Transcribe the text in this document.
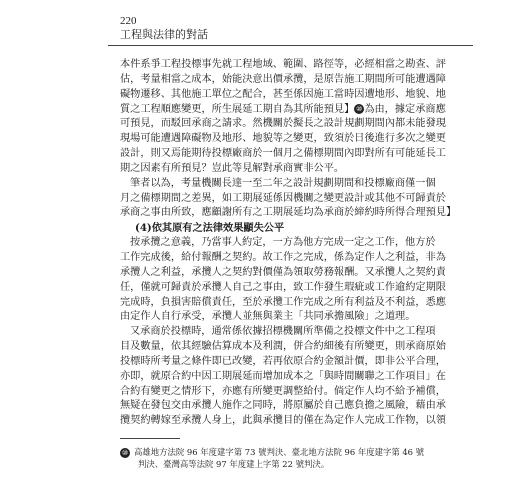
220
工程與法律的對話

本件系爭工程投標事先就工程地域、範圍、路徑等，必經相當之勘查、評

估，考量相當之成本，始能決意出價承攬，是原告施工期間所可能遭遇障

礙物遷移、其他施工單位之配合，甚至係因施工當時因遭地形、地貌、地

質之工程順應變更，所生展延工期自為其所能預見】 ⑩ 為由，據定承商應

可預見，而駁回承商之請求。然機關於擬長之設計規劃期間內都未能發現

現場可能遭遇障礙物及地形、地貌等之變更，致須於日後進行多次之變更

設計，則又焉能期待投標廠商於一個月之備標期間內即對所有可能延長工

期之因素有所預見？豈此等見解對承商實非公平。

筆者以為，考量機關長達一至二年之設計規劃期間和投標廠商僅一個

月之備標期間之差異，如工期展延係因機關之變更設計或其他不可歸責於

承商之事由所致，應顧謝所有之工期展延均為承商於締約時所得合理預見】

(4)依其原有之法律效果顯失公平

按承攬之意義，乃當事人約定，一方為他方完成一定之工作，他方於

工作完成後，給付報酬之契約。故工作之完成，係為定作人之利益，非為

承攬人之利益，承攬人之契約對價僅為領取勞務報酬。又承攬人之契約責

任，僅就可歸責於承攬人自己之事由，致工作發生瑕疵或工作逾約定期限

完成時，負損害賠償責任，至於承攬工作完成之所有利益及不利益，悉應

由定作人自行承受，承攬人並無與業主「共同承擔風險」之道理。

又承商於投標時，通常係依據招標機關所準備之投標文件中之工程項

目及數量，依其經驗估算成本及利潤，併合約細後有所變更，則承商原始

投標時所考量之條件即已改變，若再依原合約金額計價，即非公平合理，

亦即，就原合約中因工期展延而增加成本之「與時間關聯之工作項目」在

合約有變更之情形下，亦應有所變更調整給付。倘定作人均不給予補償，

無疑在發包交由承攬人施作之同時，將原屬於自己應負擔之風險，藉由承

攬契約轉嫁至承攬人身上，此與承攬目的僅在為定作人完成工作物，以領

⑩ 高雄地方法院 96 年度建字第 73 號判決、臺北地方法院 96 年度建字第 46 號
判決、臺灣高等法院 97 年度建上字第 22 號判決。
